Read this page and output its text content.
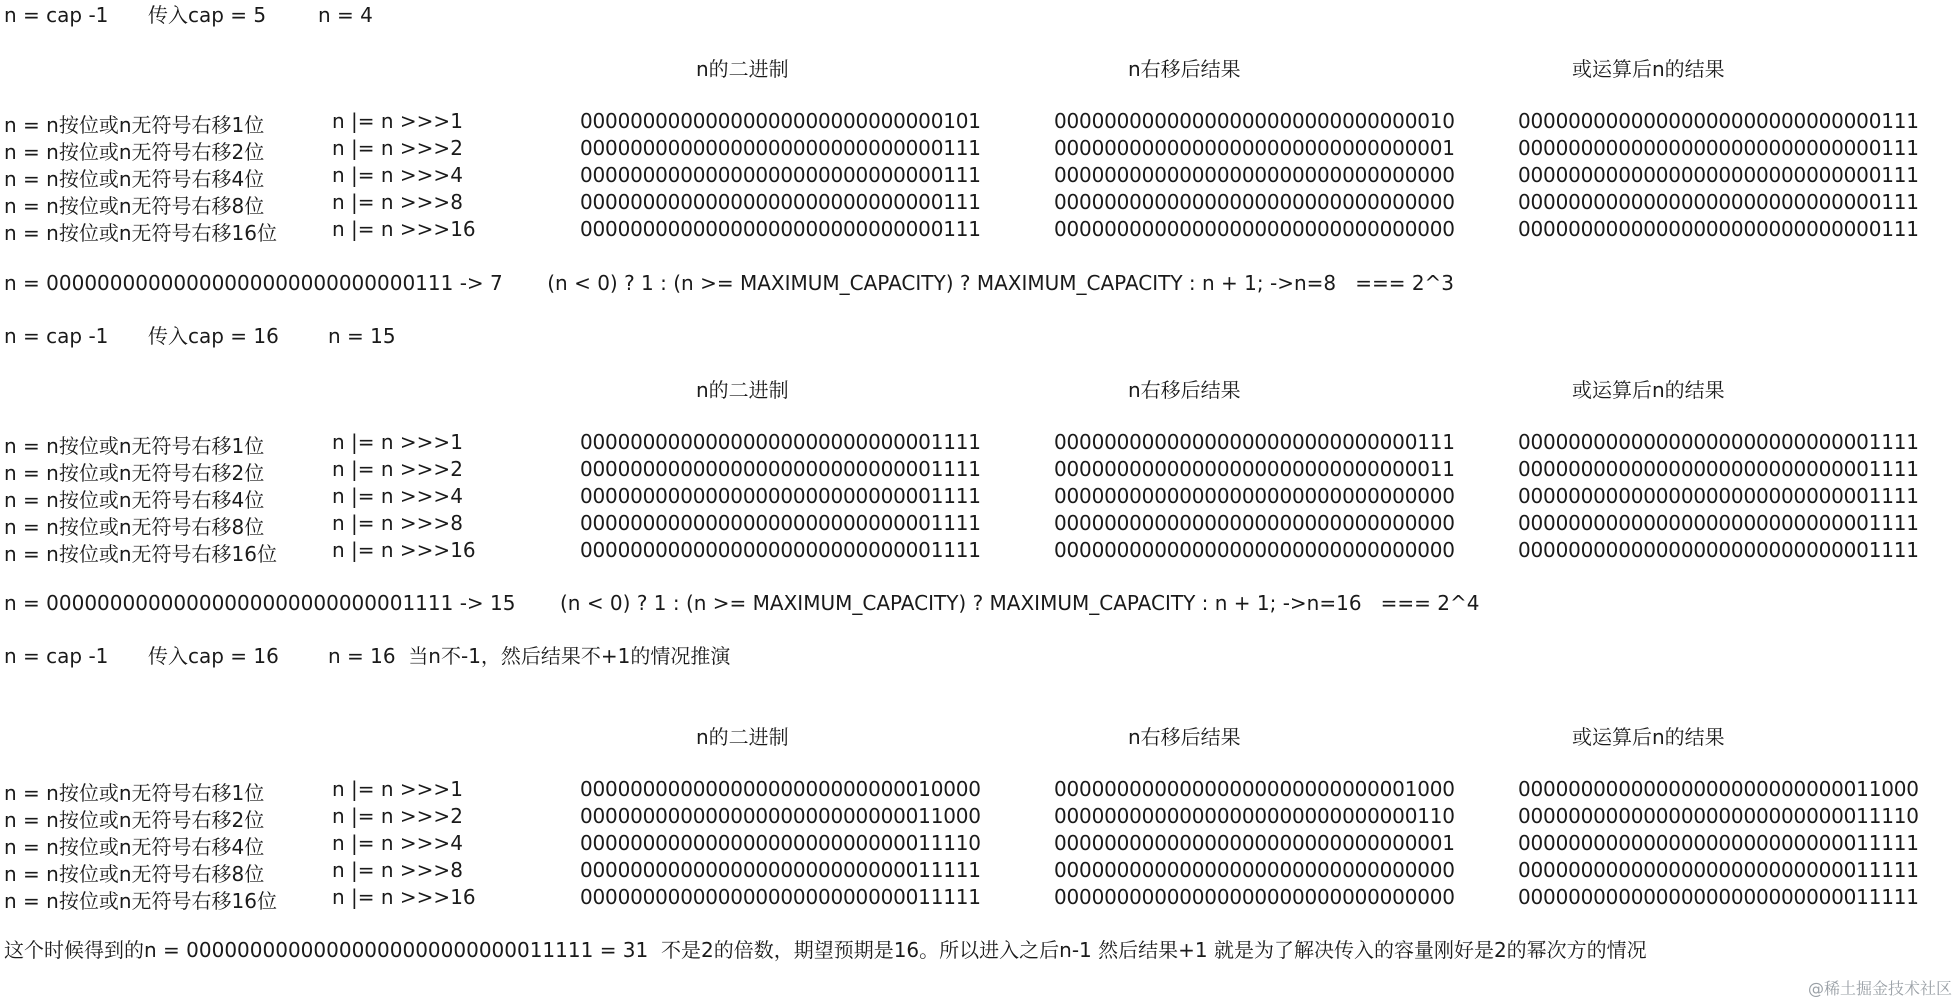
n = cap -1 传入cap = 5	n = 4
n的二进制	n右移后结果	或运算后n的结果
n = n按位或n无符号右移1位	n |= n >>>1	00000000000000000000000000000101	00000000000000000000000000000010	00000000000000000000000000000111
n = n按位或n无符号右移2位	n |= n >>>2	00000000000000000000000000000111	00000000000000000000000000000001	00000000000000000000000000000111
n = n按位或n无符号右移4位	n |= n >>>4	00000000000000000000000000000111	00000000000000000000000000000000	00000000000000000000000000000111
n = n按位或n无符号右移8位	n |= n >>>8	00000000000000000000000000000111	00000000000000000000000000000000	00000000000000000000000000000111
n = n按位或n无符号右移16位	n |= n >>>16	00000000000000000000000000000111	00000000000000000000000000000000	00000000000000000000000000000111
n = 00000000000000000000000000000111 -> 7       (n < 0) ? 1 : (n >= MAXIMUM_CAPACITY) ? MAXIMUM_CAPACITY : n + 1; ->n=8   === 2^3
n = cap -1 传入cap = 16 n = 15
n的二进制	n右移后结果	或运算后n的结果
n = n按位或n无符号右移1位	n |= n >>>1	00000000000000000000000000001111	00000000000000000000000000000111	00000000000000000000000000001111
n = n按位或n无符号右移2位	n |= n >>>2	00000000000000000000000000001111	00000000000000000000000000000011	00000000000000000000000000001111
n = n按位或n无符号右移4位	n |= n >>>4	00000000000000000000000000001111	00000000000000000000000000000000	00000000000000000000000000001111
n = n按位或n无符号右移8位	n |= n >>>8	00000000000000000000000000001111	00000000000000000000000000000000	00000000000000000000000000001111
n = n按位或n无符号右移16位	n |= n >>>16	00000000000000000000000000001111	00000000000000000000000000000000	00000000000000000000000000001111
n = 00000000000000000000000000001111 -> 15       (n < 0) ? 1 : (n >= MAXIMUM_CAPACITY) ? MAXIMUM_CAPACITY : n + 1; ->n=16   === 2^4
n = cap -1 传入cap = 16 n = 16  当n不-1，然后结果不+1的情况推演
n的二进制	n右移后结果	或运算后n的结果
n = n按位或n无符号右移1位	n |= n >>>1	00000000000000000000000000010000	00000000000000000000000000001000	00000000000000000000000000011000
n = n按位或n无符号右移2位	n |= n >>>2	00000000000000000000000000011000	00000000000000000000000000000110	00000000000000000000000000011110
n = n按位或n无符号右移4位	n |= n >>>4	00000000000000000000000000011110	00000000000000000000000000000001	00000000000000000000000000011111
n = n按位或n无符号右移8位	n |= n >>>8	00000000000000000000000000011111	00000000000000000000000000000000	00000000000000000000000000011111
n = n按位或n无符号右移16位	n |= n >>>16	00000000000000000000000000011111	00000000000000000000000000000000	00000000000000000000000000011111
这个时候得到的n = 00000000000000000000000000011111 = 31  不是2的倍数，期望预期是16。所以进入之后n-1 然后结果+1 就是为了解决传入的容量刚好是2的幂次方的情况
@稀土掘金技术社区
